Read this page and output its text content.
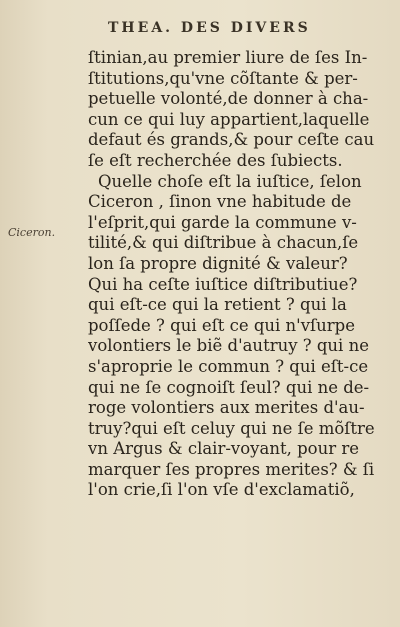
THEA. DES DIVERS
Ciceron.
ſtinian,au premier liure de ſes In-
ſtitutions,qu'vne cõſtante & per-
petuelle volonté,de donner à cha-
cun ce qui luy appartient,laquelle
defaut és grands,& pour ceſte cau
ſe eſt recherchée des ſubiects.
Quelle choſe eſt la iuſtice, ſelon
Ciceron , ſinon vne habitude de
l'eſprit,qui garde la commune v-
tilité,& qui diſtribue à chacun,ſe
lon ſa propre dignité & valeur?
Qui ha ceſte iuſtice diſtributiue?
qui eſt-ce qui la retient ? qui la
poſſede ? qui eſt ce qui n'vſurpe
volontiers le biẽ d'autruy ? qui ne
s'aproprie le commun ? qui eſt-ce
qui ne ſe cognoiſt ſeul? qui ne de-
roge volontiers aux merites d'au-
truy?qui eſt celuy qui ne ſe mõſtre
vn Argus & clair-voyant, pour re
marquer ſes propres merites? & ſi
l'on crie,ſi l'on vſe d'exclamatiõ,
